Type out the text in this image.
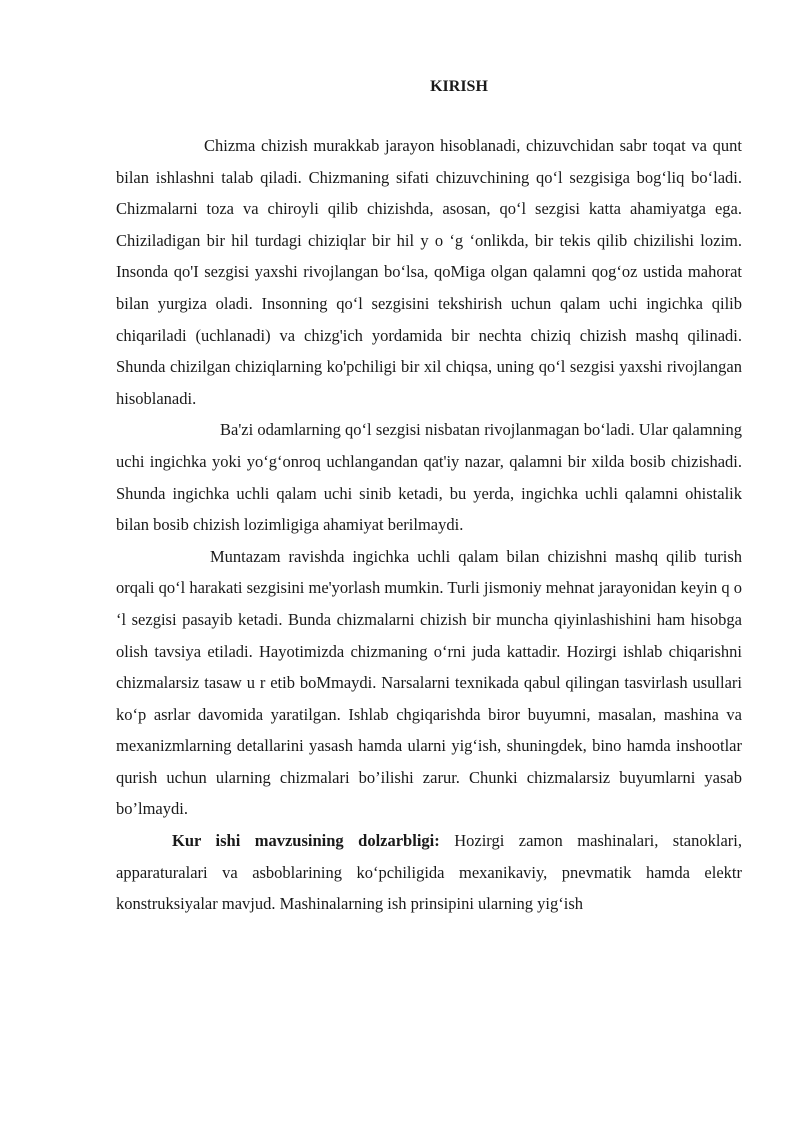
KIRISH

Chizma chizish murakkab jarayon hisoblanadi, chizuvchidan sabr toqat va qunt bilan ishlashni talab qiladi. Chizmaning sifati chizuvchining qo‘l sezgisiga bog‘liq bo‘ladi. Chizmalarni toza va chiroyli qilib chizishda, asosan, qo‘l sezgisi katta ahamiyatga ega. Chiziladigan bir hil turdagi chiziqlar bir hil y o ‘g ‘onlikda, bir tekis qilib chizilishi lozim. Insonda qo'I sezgisi yaxshi rivojlangan bo‘lsa, qoMiga olgan qalamni qog‘oz ustida mahorat bilan yurgiza oladi. Insonning qo‘l sezgisini tekshirish uchun qalam uchi ingichka qilib chiqariladi (uchlanadi) va chizg'ich yordamida bir nechta chiziq chizish mashq qilinadi. Shunda chizilgan chiziqlarning ko'pchiligi bir xil chiqsa, uning qo‘l sezgisi yaxshi rivojlangan hisoblanadi.

Ba'zi odamlarning qo‘l sezgisi nisbatan rivojlanmagan bo‘ladi. Ular qalamning uchi ingichka yoki yo‘g‘onroq uchlangandan qat'iy nazar, qalamni bir xilda bosib chizishadi. Shunda ingichka uchli qalam uchi sinib ketadi, bu yerda, ingichka uchli qalamni ohistalik bilan bosib chizish lozimligiga ahamiyat berilmaydi.

Muntazam ravishda ingichka uchli qalam bilan chizishni mashq qilib turish orqali qo‘l harakati sezgisini me'yorlash mumkin. Turli jismoniy mehnat jarayonidan keyin q o ‘l sezgisi pasayib ketadi. Bunda chizmalarni chizish bir muncha qiyinlashishini ham hisobga olish tavsiya etiladi. Hayotimizda chizmaning o‘rni juda kattadir. Hozirgi ishlab chiqarishni chizmalarsiz tasaw u r etib boMmaydi. Narsalarni texnikada qabul qilingan tasvirlash usullari ko‘p asrlar davomida yaratilgan. Ishlab chgiqarishda biror buyumni, masalan, mashina va mexanizmlarning detallarini yasash hamda ularni yig‘ish, shuningdek, bino hamda inshootlar qurish uchun ularning chizmalari bo’ilishi zarur. Chunki chizmalarsiz buyumlarni yasab bo’lmaydi.

Kur ishi mavzusining dolzarbligi: Hozirgi zamon mashinalari, stanoklari, apparaturalari va asboblarining ko‘pchiligida mexanikaviy, pnevmatik hamda elektr konstruksiyalar mavjud. Mashinalarning ish prinsipini ularning yig‘ish
